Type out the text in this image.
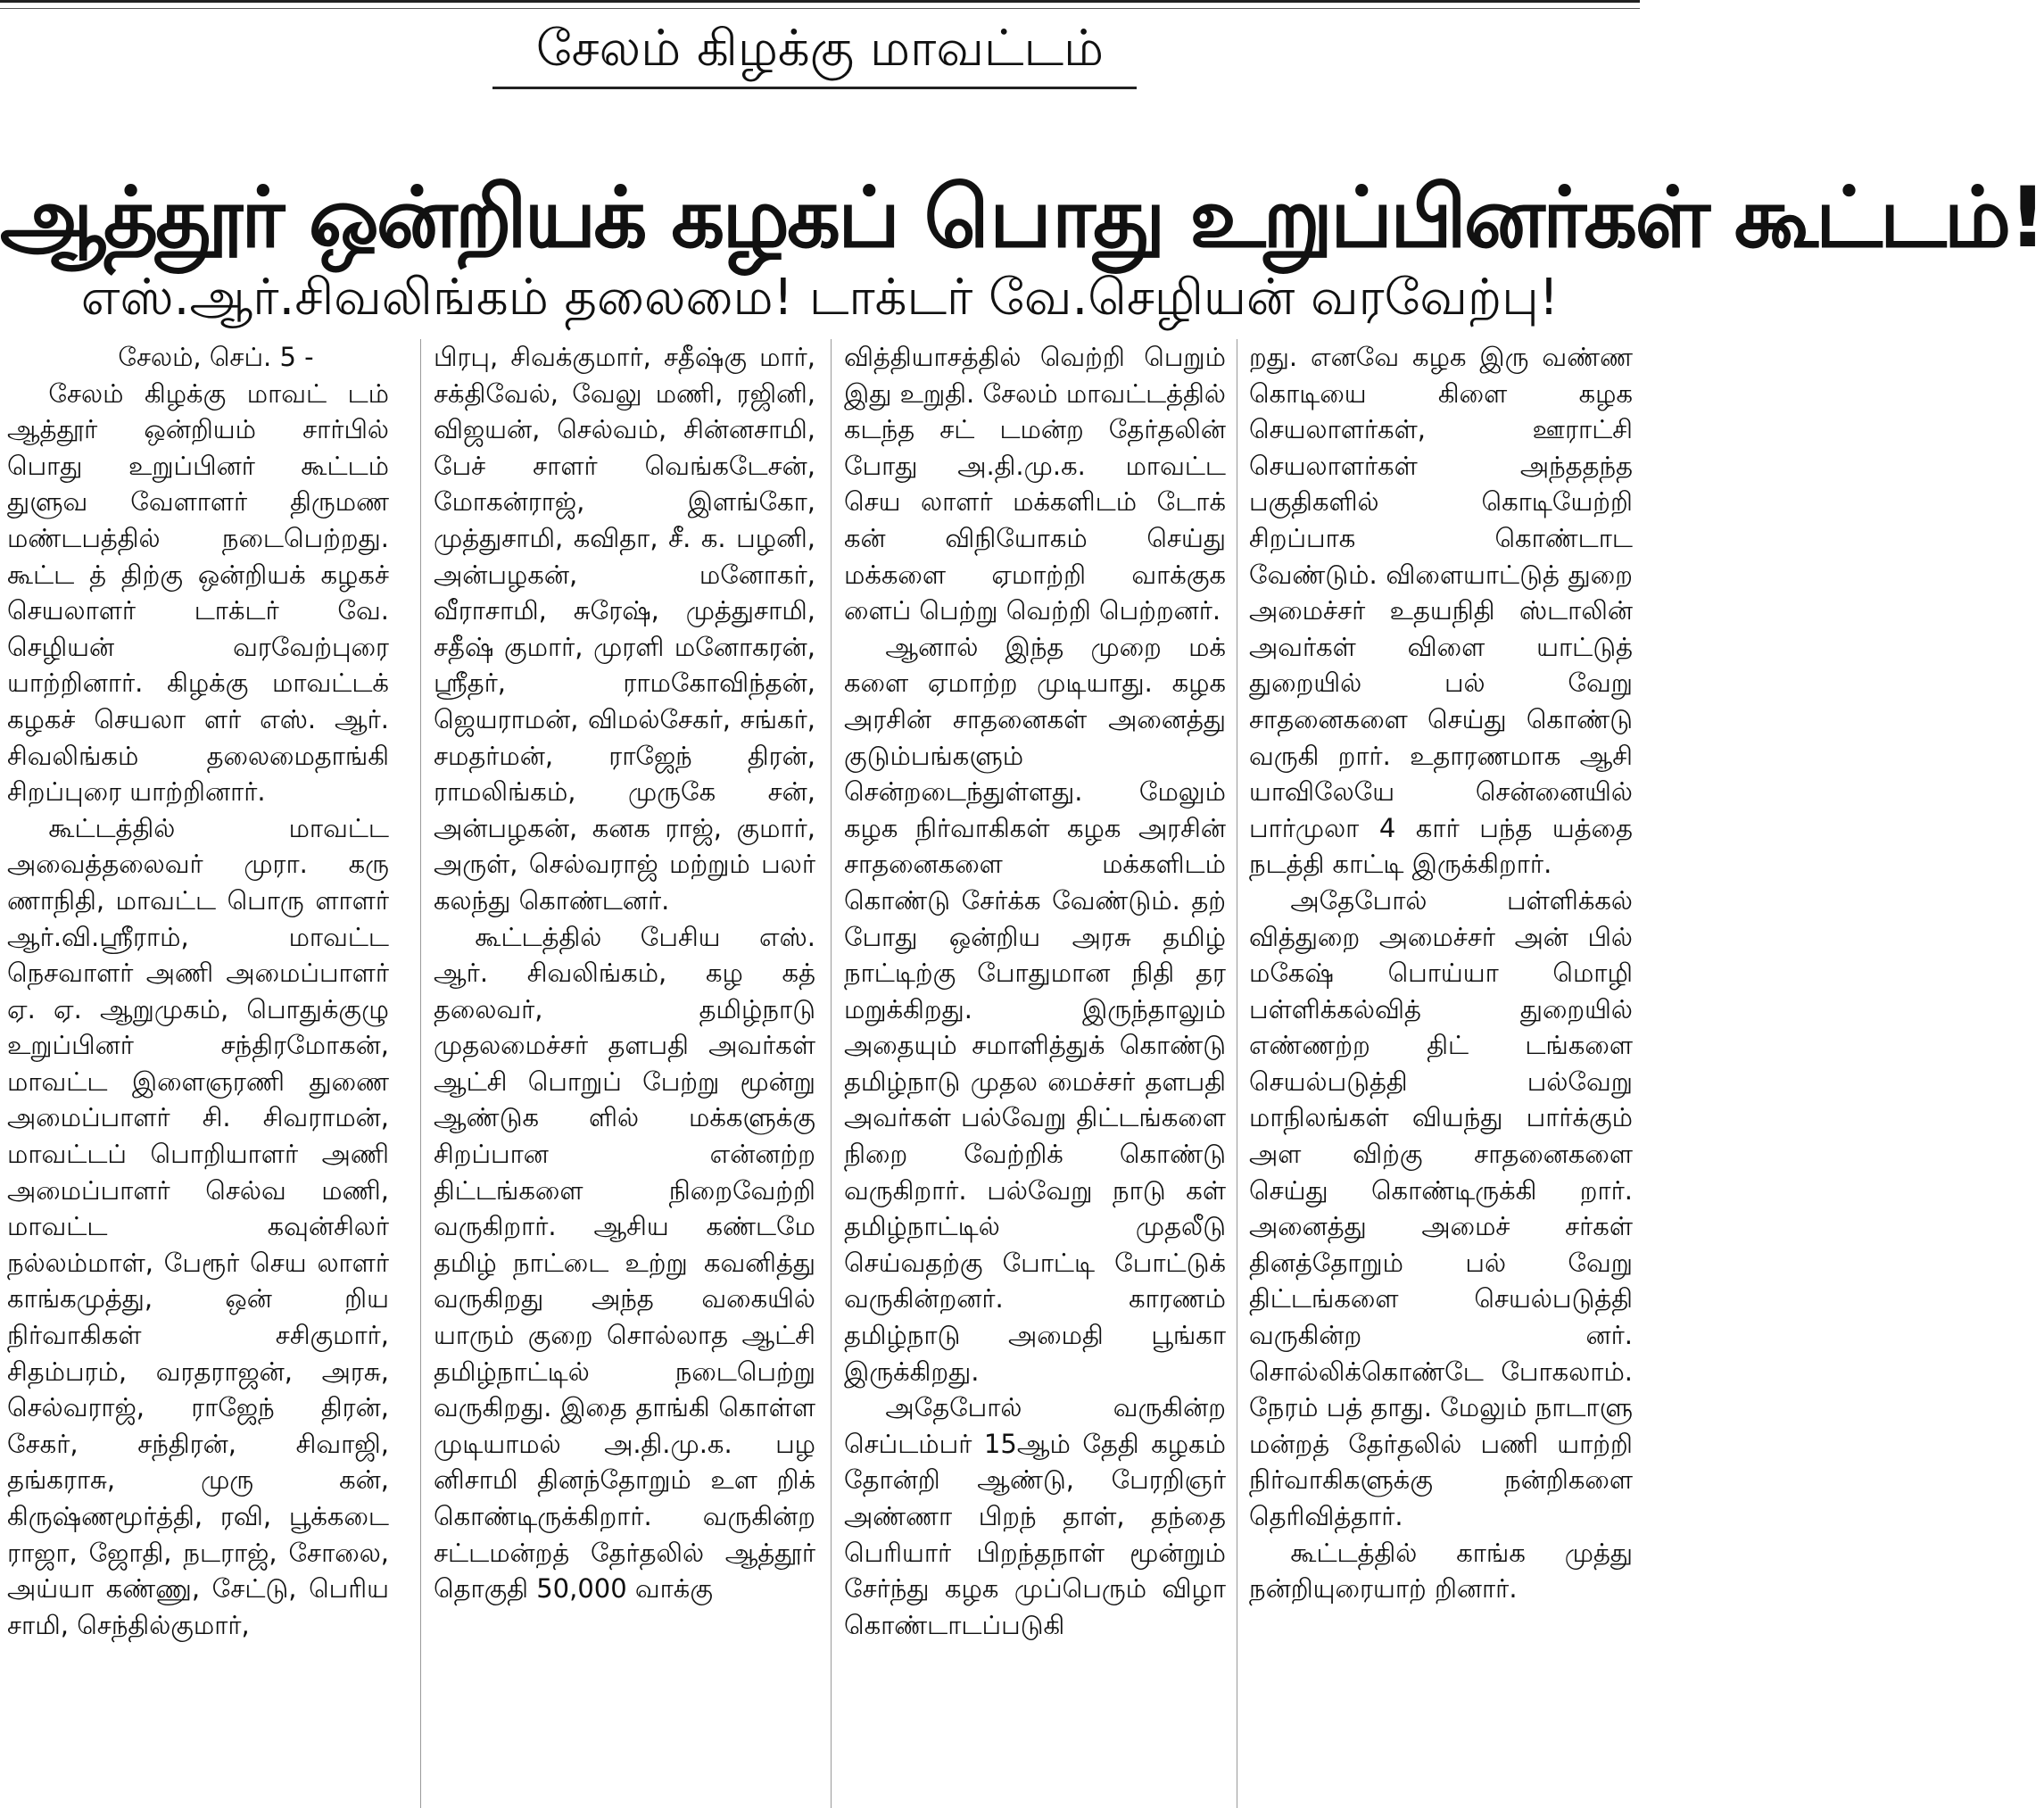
சேலம் கிழக்கு மாவட்டம்
ஆத்தூர் ஒன்றியக் கழகப் பொது உறுப்பினர்கள் கூட்டம்!
எஸ்.ஆர்.சிவலிங்கம் தலைமை! டாக்டர் வே.செழியன் வரவேற்பு!

சேலம், செப். 5 -

சேலம் கிழக்கு மாவட் டம் ஆத்தூர் ஒன்றியம் சார்பில் பொது உறுப்பினர் கூட்டம் துளுவ வேளாளர் திருமண மண்டபத்தில் நடைபெற்றது. கூட்ட த் திற்கு ஒன்றியக் கழகச் செயலாளர் டாக்டர் வே. செழியன் வரவேற்புரை யாற்றினார். கிழக்கு மாவட்டக் கழகச் செயலா ளர் எஸ். ஆர். சிவலிங்கம் தலைமைதாங்கி சிறப்புரை யாற்றினார்.

கூட்டத்தில் மாவட்ட அவைத்தலைவர் முரா. கரு ணாநிதி, மாவட்ட பொரு ளாளர் ஆர்.வி.ஸ்ரீராம், மாவட்ட நெசவாளர் அணி அமைப்பாளர் ஏ. ஏ. ஆறுமுகம், பொதுக்குழு உறுப்பினர் சந்திரமோகன், மாவட்ட இளைஞரணி துணை அமைப்பாளர் சி. சிவராமன், மாவட்டப் பொறியாளர் அணி அமைப்பாளர் செல்வ மணி, மாவட்ட கவுன்சிலர் நல்லம்மாள், பேரூர் செய லாளர் காங்கமுத்து, ஒன் றிய நிர்வாகிகள் சசிகுமார், சிதம்பரம், வரதராஜன், அரசு, செல்வராஜ், ராஜேந் திரன், சேகர், சந்திரன், சிவாஜி, தங்கராசு, முரு கன், கிருஷ்ணமூர்த்தி, ரவி, பூக்கடை ராஜா, ஜோதி, நடராஜ், சோலை, அய்யா கண்ணு, சேட்டு, பெரிய சாமி, செந்தில்குமார்,

பிரபு, சிவக்குமார், சதீஷ்கு மார், சக்திவேல், வேலு மணி, ரஜினி, விஜயன், செல்வம், சின்னசாமி, பேச் சாளர் வெங்கடேசன், மோகன்ராஜ், இளங்கோ, முத்துசாமி, கவிதா, சீ. க. பழனி, அன்பழகன், மனோகர், வீராசாமி, சுரேஷ், முத்துசாமி, சதீஷ் குமார், முரளி மனோகரன், ஸ்ரீதர், ராமகோவிந்தன், ஜெயராமன், விமல்சேகர், சங்கர், சமதர்மன், ராஜேந் திரன், ராமலிங்கம், முருகே சன், அன்பழகன், கனக ராஜ், குமார், அருள், செல்வராஜ் மற்றும் பலர் கலந்து கொண்டனர்.

கூட்டத்தில் பேசிய எஸ். ஆர். சிவலிங்கம், கழ கத் தலைவர், தமிழ்நாடு முதலமைச்சர் தளபதி அவர்கள் ஆட்சி பொறுப் பேற்று மூன்று ஆண்டுக ளில் மக்களுக்கு சிறப்பான என்னற்ற திட்டங்களை நிறைவேற்றி வருகிறார். ஆசிய கண்டமே தமிழ் நாட்டை உற்று கவனித்து வருகிறது அந்த வகையில் யாரும் குறை சொல்லாத ஆட்சி தமிழ்நாட்டில் நடைபெற்று வருகிறது. இதை தாங்கி கொள்ள முடியாமல் அ.தி.மு.க. பழ னிசாமி தினந்தோறும் உள றிக் கொண்டிருக்கிறார். வருகின்ற சட்டமன்றத் தேர்தலில் ஆத்தூர் தொகுதி 50,000 வாக்கு

வித்தியாசத்தில் வெற்றி பெறும் இது உறுதி. சேலம் மாவட்டத்தில் கடந்த சட் டமன்ற தேர்தலின் போது அ.தி.மு.க. மாவட்ட செய லாளர் மக்களிடம் டோக் கன் விநியோகம் செய்து மக்களை ஏமாற்றி வாக்குக ளைப் பெற்று வெற்றி பெற்றனர்.

ஆனால் இந்த முறை மக் களை ஏமாற்ற முடியாது. கழக அரசின் சாதனைகள் அனைத்து குடும்பங்களும் சென்றடைந்துள்ளது. மேலும் கழக நிர்வாகிகள் கழக அரசின் சாதனைகளை மக்களிடம் கொண்டு சேர்க்க வேண்டும். தற் போது ஒன்றிய அரசு தமிழ் நாட்டிற்கு போதுமான நிதி தர மறுக்கிறது. இருந்தாலும் அதையும் சமாளித்துக் கொண்டு தமிழ்நாடு முதல மைச்சர் தளபதி அவர்கள் பல்வேறு திட்டங்களை நிறை வேற்றிக் கொண்டு வருகிறார். பல்வேறு நாடு கள் தமிழ்நாட்டில் முதலீடு செய்வதற்கு போட்டி போட்டுக் வருகின்றனர். காரணம் தமிழ்நாடு அமைதி பூங்கா இருக்கிறது.

அதேபோல் வருகின்ற செப்டம்பர் 15ஆம் தேதி கழகம் தோன்றி ஆண்டு, பேரறிஞர் அண்ணா பிறந் தாள், தந்தை பெரியார் பிறந்தநாள் மூன்றும் சேர்ந்து கழக முப்பெரும் விழா கொண்டாடப்படுகி

றது. எனவே கழக இரு வண்ண கொடியை கிளை கழக செயலாளர்கள், ஊராட்சி செயலாளர்கள் அந்ததந்த பகுதிகளில் கொடியேற்றி சிறப்பாக கொண்டாட வேண்டும். விளையாட்டுத் துறை அமைச்சர் உதயநிதி ஸ்டாலின் அவர்கள் விளை யாட்டுத் துறையில் பல் வேறு சாதனைகளை செய்து கொண்டு வருகி றார். உதாரணமாக ஆசி யாவிலேயே சென்னையில் பார்முலா 4 கார் பந்த யத்தை நடத்தி காட்டி இருக்கிறார்.

அதேபோல் பள்ளிக்கல் வித்துறை அமைச்சர் அன் பில் மகேஷ் பொய்யா மொழி பள்ளிக்கல்வித் துறையில் எண்ணற்ற திட் டங்களை செயல்படுத்தி பல்வேறு மாநிலங்கள் வியந்து பார்க்கும் அள விற்கு சாதனைகளை செய்து கொண்டிருக்கி றார். அனைத்து அமைச் சர்கள் தினத்தோறும் பல் வேறு திட்டங்களை செயல்படுத்தி வருகின்ற னர். சொல்லிக்கொண்டே போகலாம். நேரம் பத் தாது. மேலும் நாடாளு மன்றத் தேர்தலில் பணி யாற்றி நிர்வாகிகளுக்கு நன்றிகளை தெரிவித்தார்.

கூட்டத்தில் காங்க முத்து நன்றியுரையாற் றினார்.
